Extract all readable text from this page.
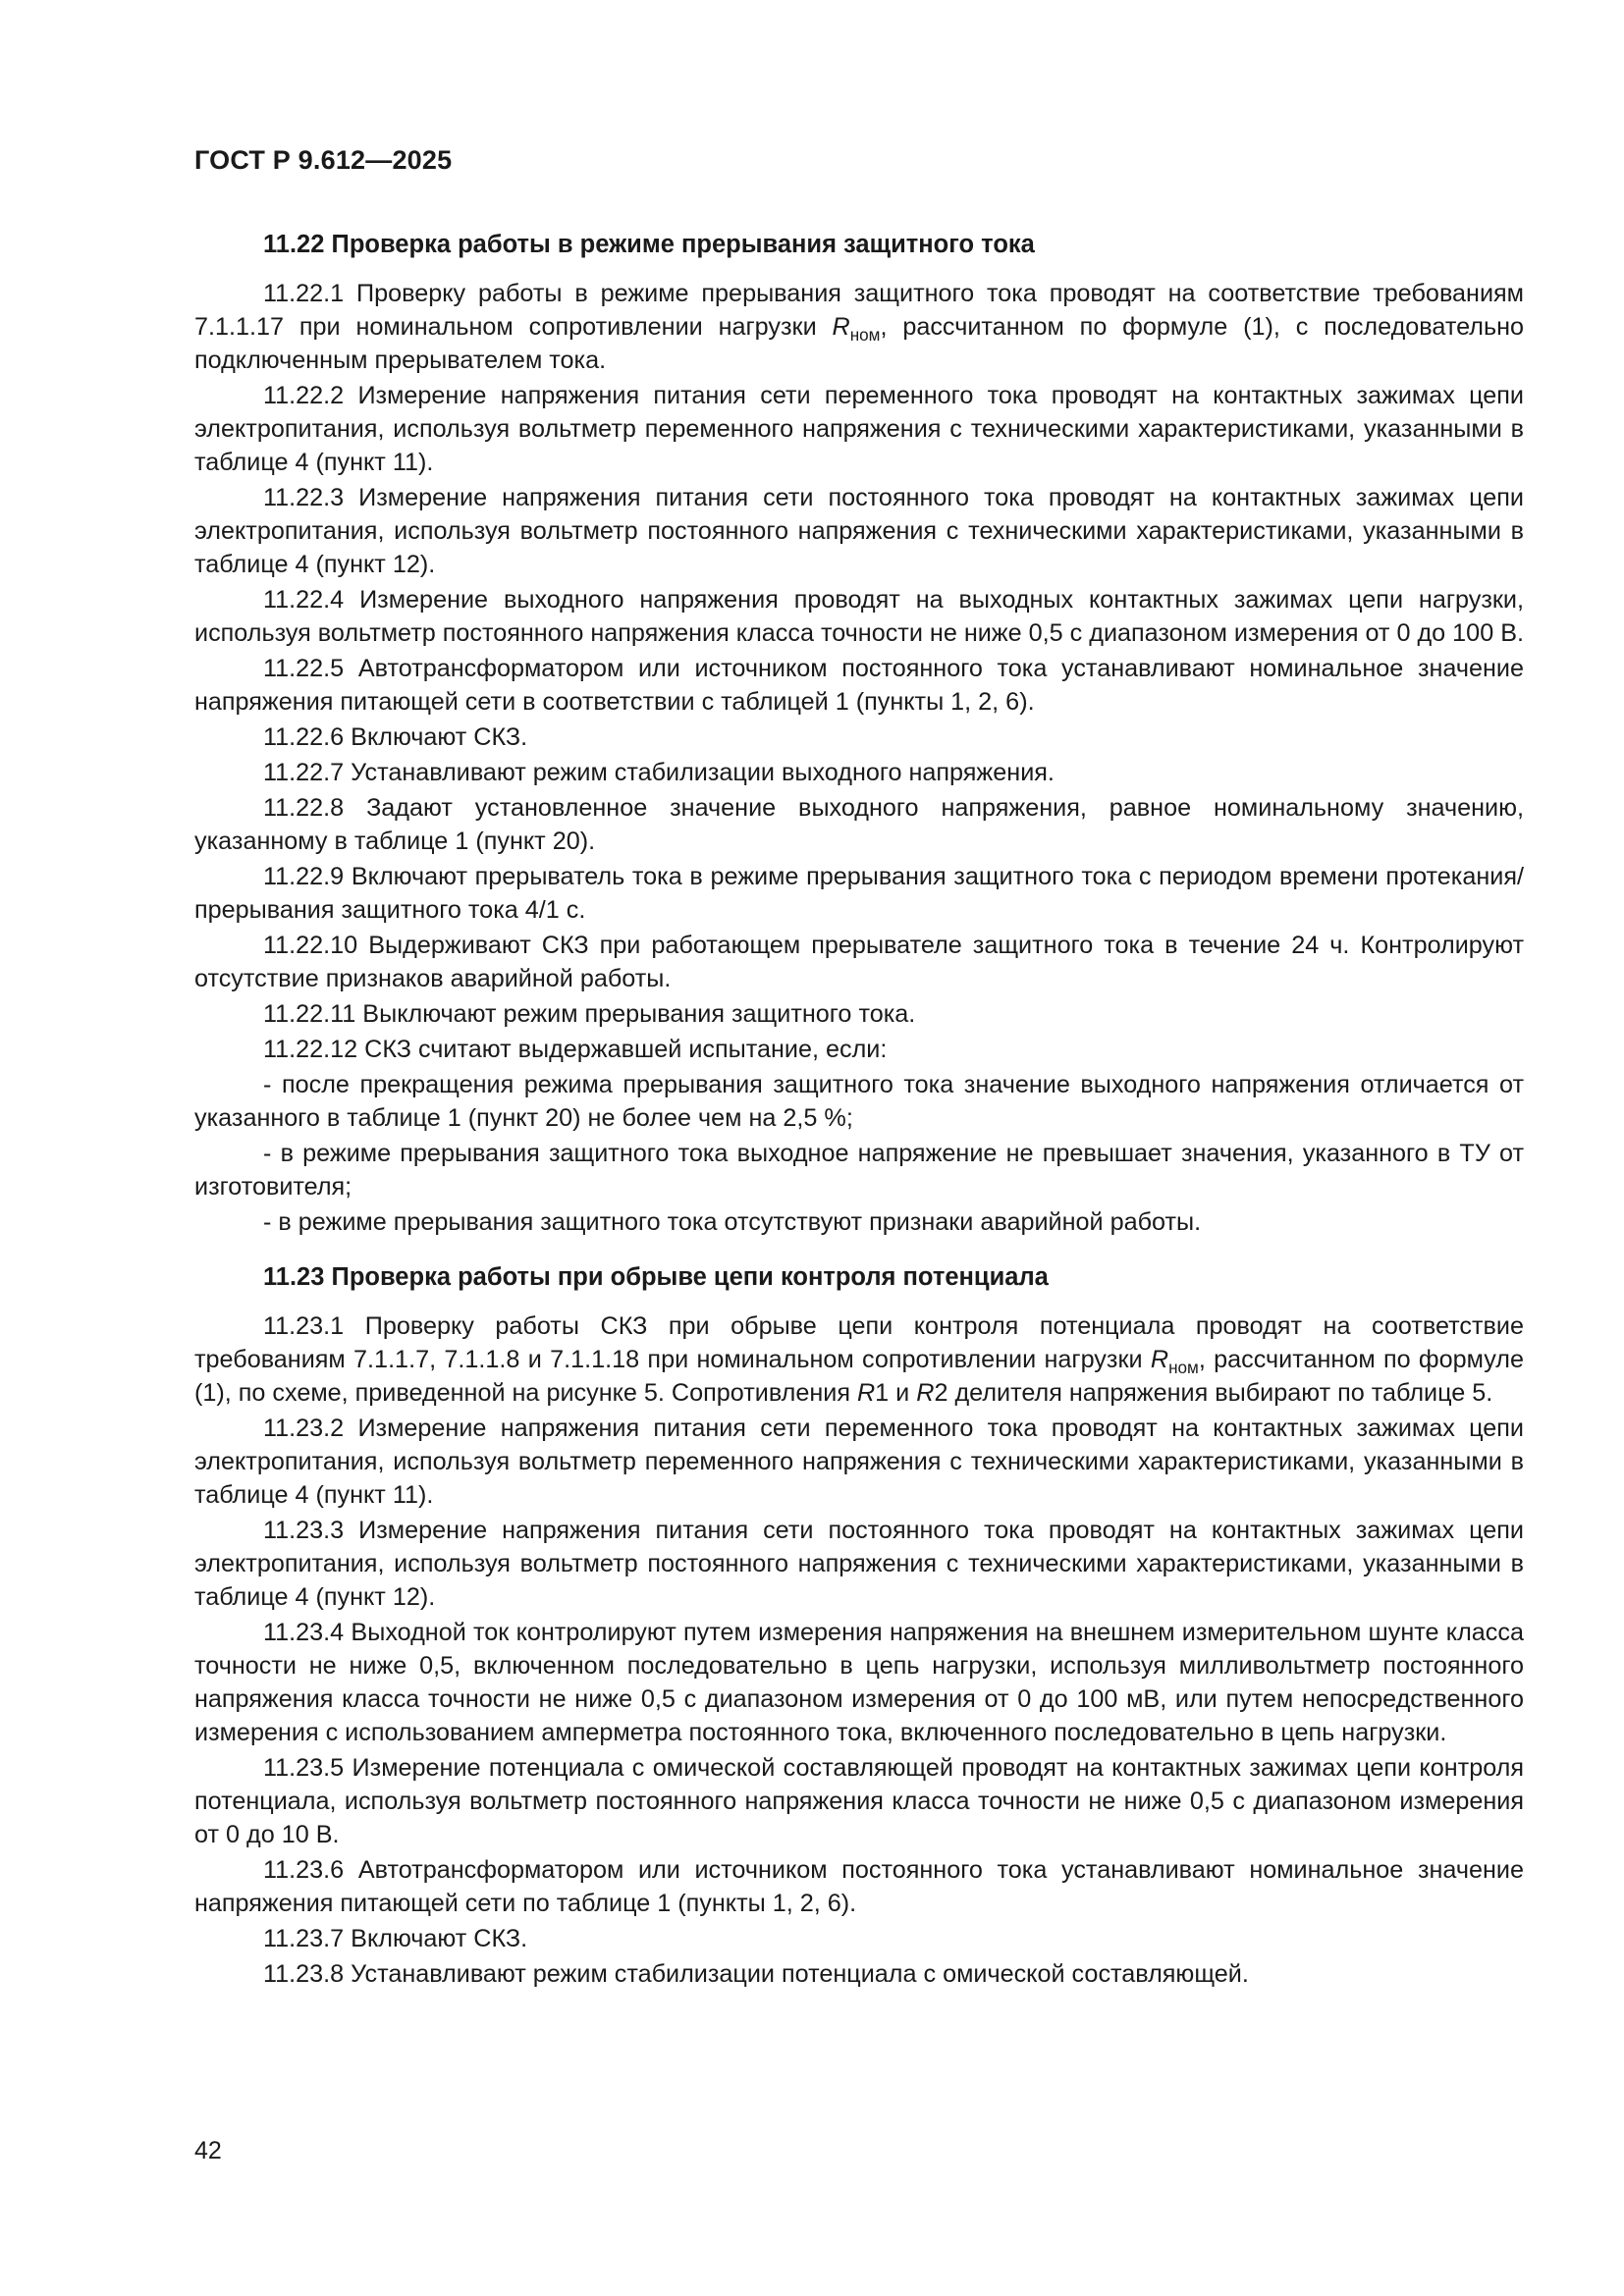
ГОСТ Р 9.612—2025
11.22 Проверка работы в режиме прерывания защитного тока

11.22.1 Проверку работы в режиме прерывания защитного тока проводят на соответствие требованиям 7.1.1.17 при номинальном сопротивлении нагрузки $R_{ном}$, рассчитанном по формуле (1), с последовательно подключенным прерывателем тока.

11.22.2 Измерение напряжения питания сети переменного тока проводят на контактных зажимах цепи электропитания, используя вольтметр переменного напряжения с техническими характеристиками, указанными в таблице 4 (пункт 11).

11.22.3 Измерение напряжения питания сети постоянного тока проводят на контактных зажимах цепи электропитания, используя вольтметр постоянного напряжения с техническими характеристиками, указанными в таблице 4 (пункт 12).

11.22.4 Измерение выходного напряжения проводят на выходных контактных зажимах цепи нагрузки, используя вольтметр постоянного напряжения класса точности не ниже 0,5 с диапазоном измерения от 0 до 100 В.

11.22.5 Автотрансформатором или источником постоянного тока устанавливают номинальное значение напряжения питающей сети в соответствии с таблицей 1 (пункты 1, 2, 6).

11.22.6 Включают СКЗ.

11.22.7 Устанавливают режим стабилизации выходного напряжения.

11.22.8 Задают установленное значение выходного напряжения, равное номинальному значению, указанному в таблице 1 (пункт 20).

11.22.9 Включают прерыватель тока в режиме прерывания защитного тока с периодом времени протекания/прерывания защитного тока 4/1 с.

11.22.10 Выдерживают СКЗ при работающем прерывателе защитного тока в течение 24 ч. Контролируют отсутствие признаков аварийной работы.

11.22.11 Выключают режим прерывания защитного тока.

11.22.12 СКЗ считают выдержавшей испытание, если:

- после прекращения режима прерывания защитного тока значение выходного напряжения отличается от указанного в таблице 1 (пункт 20) не более чем на 2,5 %;

- в режиме прерывания защитного тока выходное напряжение не превышает значения, указанного в ТУ от изготовителя;

- в режиме прерывания защитного тока отсутствуют признаки аварийной работы.

11.23 Проверка работы при обрыве цепи контроля потенциала

11.23.1 Проверку работы СКЗ при обрыве цепи контроля потенциала проводят на соответствие требованиям 7.1.1.7, 7.1.1.8 и 7.1.1.18 при номинальном сопротивлении нагрузки $R_{ном}$, рассчитанном по формуле (1), по схеме, приведенной на рисунке 5. Сопротивления R1 и R2 делителя напряжения выбирают по таблице 5.

11.23.2 Измерение напряжения питания сети переменного тока проводят на контактных зажимах цепи электропитания, используя вольтметр переменного напряжения с техническими характеристиками, указанными в таблице 4 (пункт 11).

11.23.3 Измерение напряжения питания сети постоянного тока проводят на контактных зажимах цепи электропитания, используя вольтметр постоянного напряжения с техническими характеристиками, указанными в таблице 4 (пункт 12).

11.23.4 Выходной ток контролируют путем измерения напряжения на внешнем измерительном шунте класса точности не ниже 0,5, включенном последовательно в цепь нагрузки, используя милливольтметр постоянного напряжения класса точности не ниже 0,5 с диапазоном измерения от 0 до 100 мВ, или путем непосредственного измерения с использованием амперметра постоянного тока, включенного последовательно в цепь нагрузки.

11.23.5 Измерение потенциала с омической составляющей проводят на контактных зажимах цепи контроля потенциала, используя вольтметр постоянного напряжения класса точности не ниже 0,5 с диапазоном измерения от 0 до 10 В.

11.23.6 Автотрансформатором или источником постоянного тока устанавливают номинальное значение напряжения питающей сети по таблице 1 (пункты 1, 2, 6).

11.23.7 Включают СКЗ.

11.23.8 Устанавливают режим стабилизации потенциала с омической составляющей.

42
